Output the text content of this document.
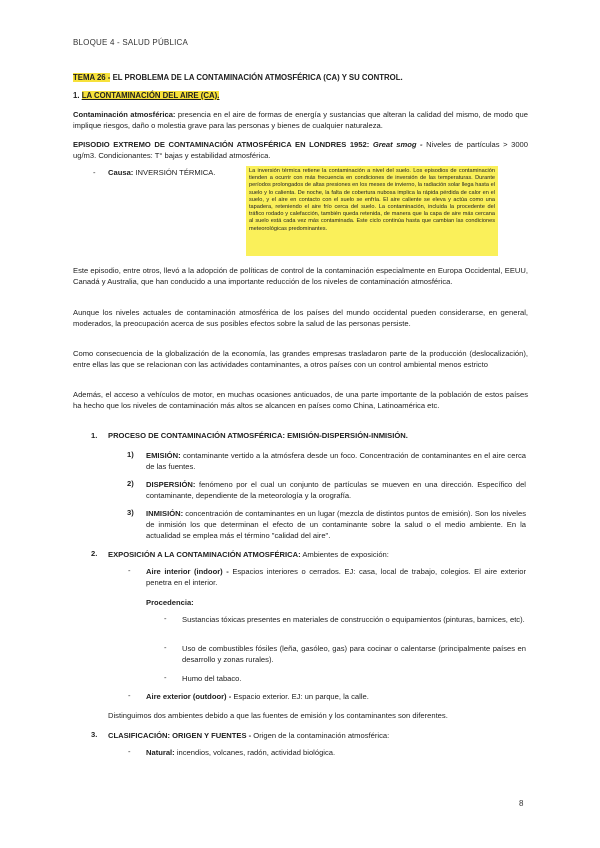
BLOQUE 4 - SALUD PÚBLICA
TEMA 26 - EL PROBLEMA DE LA CONTAMINACIÓN ATMOSFÉRICA (CA) Y SU CONTROL.
1. LA CONTAMINACIÓN DEL AIRE (CA).
Contaminación atmosférica: presencia en el aire de formas de energía y sustancias que alteran la calidad del mismo, de modo que implique riesgos, daño o molestia grave para las personas y bienes de cualquier naturaleza.
EPISODIO EXTREMO DE CONTAMINACIÓN ATMOSFÉRICA EN LONDRES 1952: Great smog - Niveles de partículas > 3000 ug/m3. Condicionantes: T° bajas y estabilidad atmosférica.
- Causa: INVERSIÓN TÉRMICA.	La inversión térmica retiene la contaminación a nivel del suelo. Los episodios de contaminación tienden a ocurrir con más frecuencia en condiciones de inversión de las temperaturas. Durante períodos prolongados de altas presiones en los meses de invierno, la radiación solar llega hasta el suelo y lo calienta. De noche, la falta de cobertura nubosa implica la rápida pérdida de calor en el suelo, y el aire en contacto con el suelo se enfría. El aire caliente se eleva y actúa como una tapadera, reteniendo el aire frío cerca del suelo. La contaminación, incluida la procedente del tráfico rodado y calefacción, también queda retenida, de manera que la capa de aire más cercana al suelo está cada vez más contaminada. Este ciclo continúa hasta que cambian las condiciones meteorológicas predominantes.
Este episodio, entre otros, llevó a la adopción de políticas de control de la contaminación especialmente en Europa Occidental, EEUU, Canadá y Australia, que han conducido a una importante reducción de los niveles de contaminación atmosférica.
Aunque los niveles actuales de contaminación atmosférica de los países del mundo occidental pueden considerarse, en general, moderados, la preocupación acerca de sus posibles efectos sobre la salud de las personas persiste.
Como consecuencia de la globalización de la economía, las grandes empresas trasladaron parte de la producción (deslocalización), entre ellas las que se relacionan con las actividades contaminantes, a otros países con un control ambiental menos estricto
Además, el acceso a vehículos de motor, en muchas ocasiones anticuados, de una parte importante de la población de estos países ha hecho que los niveles de contaminación más altos se alcancen en países como China, Latinoamérica etc.
1. PROCESO DE CONTAMINACIÓN ATMOSFÉRICA: EMISIÓN-DISPERSIÓN-INMISIÓN.
1) EMISIÓN: contaminante vertido a la atmósfera desde un foco. Concentración de contaminantes en el aire cerca de las fuentes.
2) DISPERSIÓN: fenómeno por el cual un conjunto de partículas se mueven en una dirección. Específico del contaminante, dependiente de la meteorología y la orografía.
3) INMISIÓN: concentración de contaminantes en un lugar (mezcla de distintos puntos de emisión). Son los niveles de inmisión los que determinan el efecto de un contaminante sobre la salud o el medio ambiente. En la actualidad se emplea más el término "calidad del aire".
2. EXPOSICIÓN A LA CONTAMINACIÓN ATMOSFÉRICA: Ambientes de exposición:
- Aire interior (indoor) - Espacios interiores o cerrados. EJ: casa, local de trabajo, colegios. El aire exterior penetra en el interior.
Procedencia:
- Sustancias tóxicas presentes en materiales de construcción o equipamientos (pinturas, barnices, etc).
- Uso de combustibles fósiles (leña, gasóleo, gas) para cocinar o calentarse (principalmente países en desarrollo y zonas rurales).
- Humo del tabaco.
- Aire exterior (outdoor) - Espacio exterior. EJ: un parque, la calle.
Distinguimos dos ambientes debido a que las fuentes de emisión y los contaminantes son diferentes.
3. CLASIFICACIÓN: ORIGEN Y FUENTES - Origen de la contaminación atmosférica:
- Natural: incendios, volcanes, radón, actividad biológica.
8
